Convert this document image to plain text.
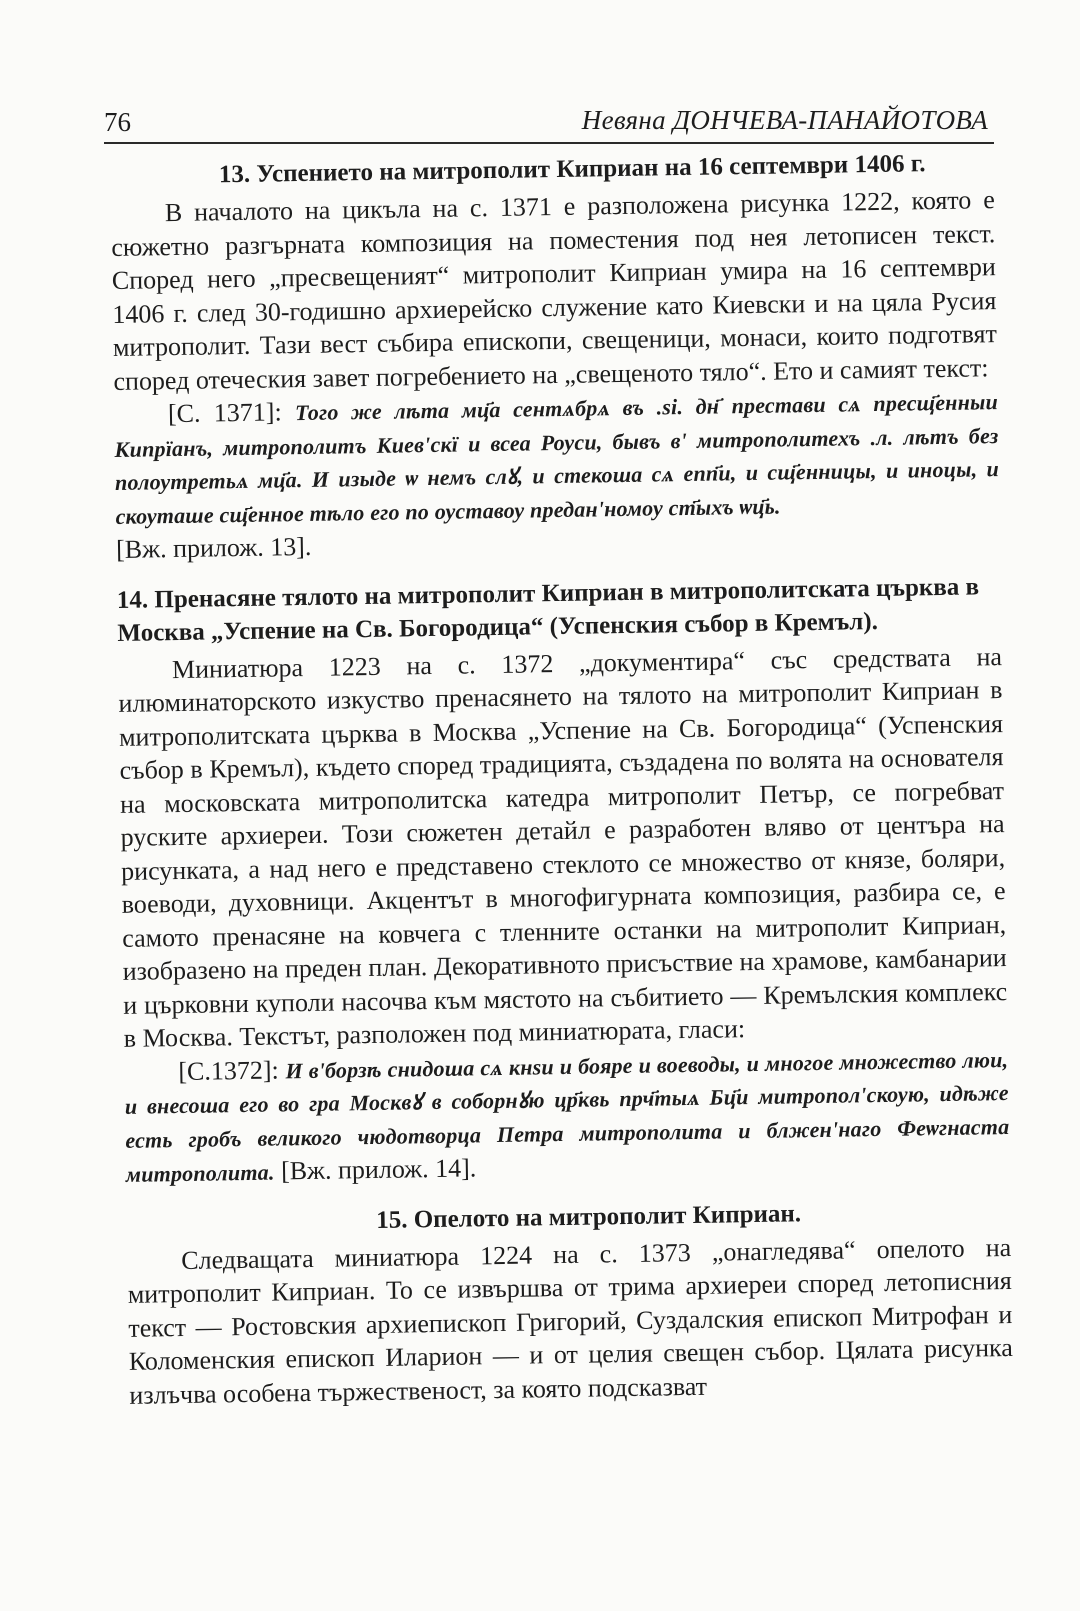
76	Невяна ДОНЧЕВА-ПАНАЙОТОВА
13. Успението на митрополит Киприан на 16 септември 1406 г.

В началото на цикъла на с. 1371 е разположена рисунка 1222, която е сюжетно разгърната композиция на поместения под нея летописен текст. Според него „пресвещеният“ митрополит Киприан умира на 16 септември 1406 г. след 30-годишно архиерейско служение като Киевски и на цяла Русия митрополит. Тази вест събира епископи, свещеници, монаси, които подготвят според отеческия завет погребението на „свещеното тяло“. Ето и самият текст:

[С. 1371]: Того же лѣта мц҃а сентѧбрѧ въ .ѕі. дн҃ престави сѧ пресщ҃енныи Кипрїанъ, митрополитъ Киев'скї и всеа Роуси, бывъ в' митрополитехъ .л. лѣтъ без полоутретьѧ мц҃а. И изыде ѡ немъ слꙋ, и стекоша сѧ епп҃и, и сщ҃енницы, и иноцы, и скоуташе сщ҃енное тѣло его по оуставоу предан'номоу ст҃ыхъ ѡц҃ь.
[Вж. прилож. 13].

14. Пренасяне тялото на митрополит Киприан в митрополитската църква в Москва „Успение на Св. Богородица“ (Успенския събор в Кремъл).

Миниатюра 1223 на с. 1372 „документира“ със средствата на илюминаторското изкуство пренасянето на тялото на митрополит Киприан в митрополитската църква в Москва „Успение на Св. Богородица“ (Успенския събор в Кремъл), където според традицията, създадена по волята на основателя на московската митрополитска катедра митрополит Петър, се погребват руските архиереи. Този сюжетен детайл е разработен вляво от центъра на рисунката, а над него е представено стеклото се множество от князе, боляри, воеводи, духовници. Акцентът в многофигурната композиция, разбира се, е самото пренасяне на ковчега с тленните останки на митрополит Киприан, изобразено на преден план. Декоративното присъствие на храмове, камбанарии и църковни куполи насочва към мястото на събитието — Кремълския комплекс в Москва. Текстът, разположен под миниатюрата, гласи:

[С.1372]: И в'борзѣ снидоша сѧ кнѕи и бояре и воеводы, и многое множество люи, и внесоша его во гра Москвꙋ в соборнꙋю цр҃квь прч҃тыѧ Бц҃и митропол'скоую, идѣже есть гробъ великого чюдотворца Петра митрополита и блжен'наго Феѡгнаста митрополита. [Вж. прилож. 14].

15. Опелото на митрополит Киприан.

Следващата миниатюра 1224 на с. 1373 „онагледява“ опелото на митрополит Киприан. То се извършва от трима архиереи според летописния текст — Ростовския архиепископ Григорий, Суздалския епископ Митрофан и Коломенския епископ Иларион — и от целия свещен събор. Цялата рисунка излъчва особена тържественост, за която подсказват
